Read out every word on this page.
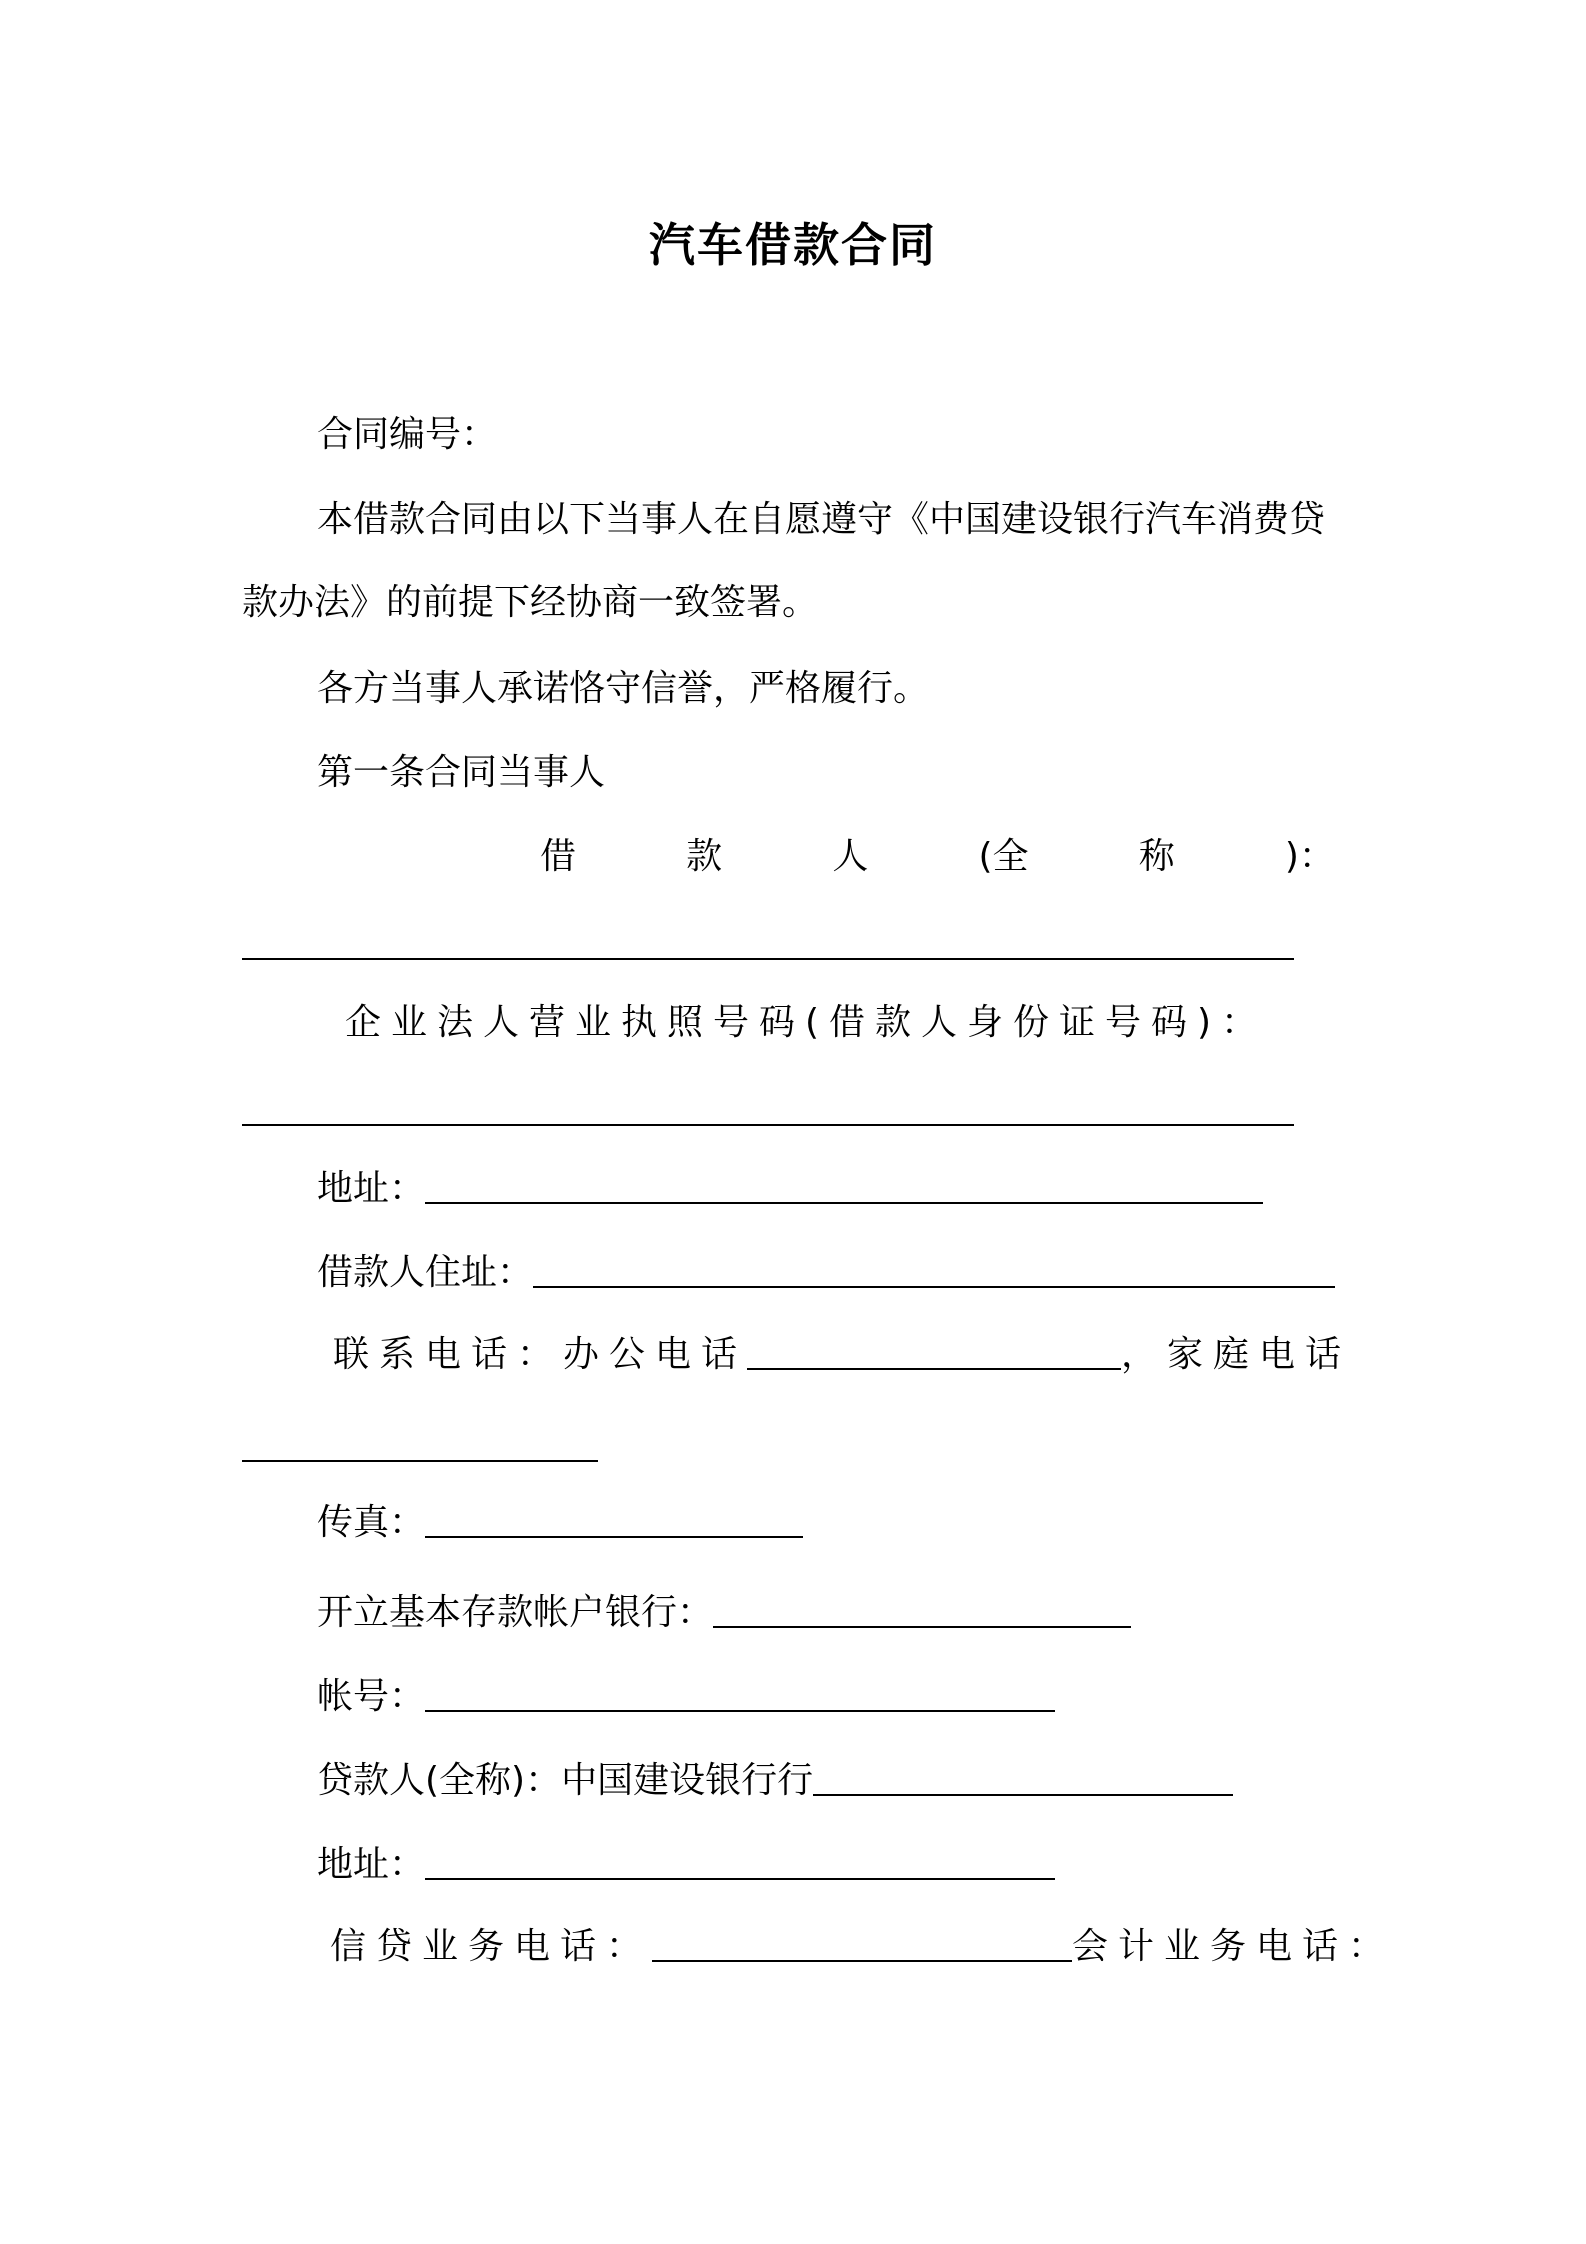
汽车借款合同
合同编号：
本借款合同由以下当事人在自愿遵守《中国建设银行汽车消费贷
款办法》的前提下经协商一致签署。
各方当事人承诺恪守信誉，严格履行。
第一条合同当事人
借	款	人	(全	称	)：
企业法人营业执照号码(借款人身份证号码)：
地址：
借款人住址：
联系电话：办公电话	，家庭电话
传真：
开立基本存款帐户银行：
帐号：
贷款人(全称)：中国建设银行行
地址：
信贷业务电话：	会计业务电话：
